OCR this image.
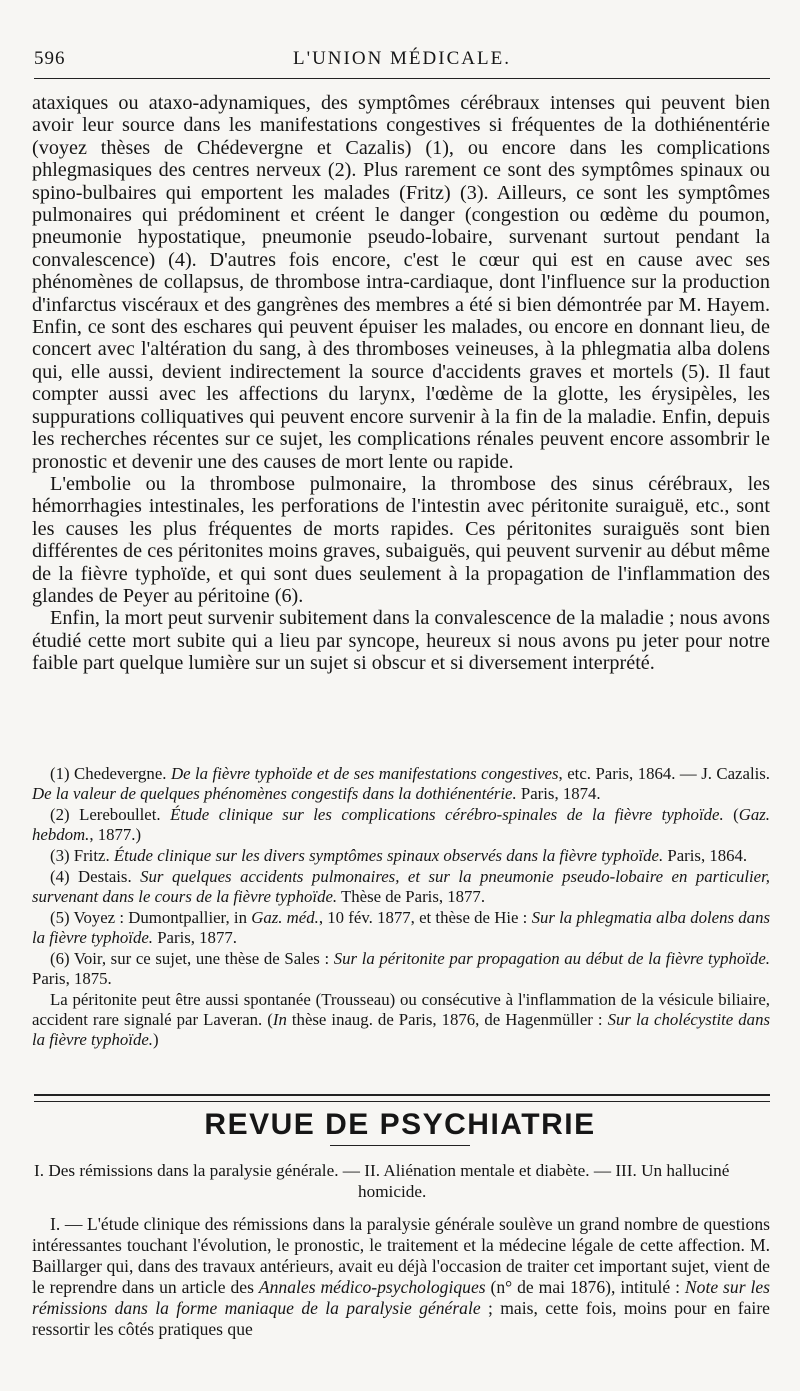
596	L'UNION MÉDICALE.

ataxiques ou ataxo-adynamiques, des symptômes cérébraux intenses qui peuvent bien avoir leur source dans les manifestations congestives si fréquentes de la dothiénentérie (voyez thèses de Chédevergne et Cazalis) (1), ou encore dans les complications phlegmasiques des centres nerveux (2). Plus rarement ce sont des symptômes spinaux ou spino-bulbaires qui emportent les malades (Fritz) (3). Ailleurs, ce sont les symptômes pulmonaires qui prédominent et créent le danger (congestion ou œdème du poumon, pneumonie hypostatique, pneumonie pseudo-lobaire, survenant surtout pendant la convalescence) (4). D'autres fois encore, c'est le cœur qui est en cause avec ses phénomènes de collapsus, de thrombose intra-cardiaque, dont l'influence sur la production d'infarctus viscéraux et des gangrènes des membres a été si bien démontrée par M. Hayem. Enfin, ce sont des eschares qui peuvent épuiser les malades, ou encore en donnant lieu, de concert avec l'altération du sang, à des thromboses veineuses, à la phlegmatia alba dolens qui, elle aussi, devient indirectement la source d'accidents graves et mortels (5). Il faut compter aussi avec les affections du larynx, l'œdème de la glotte, les érysipèles, les suppurations colliquatives qui peuvent encore survenir à la fin de la maladie. Enfin, depuis les recherches récentes sur ce sujet, les complications rénales peuvent encore assombrir le pronostic et devenir une des causes de mort lente ou rapide.

L'embolie ou la thrombose pulmonaire, la thrombose des sinus cérébraux, les hémorrhagies intestinales, les perforations de l'intestin avec péritonite suraiguë, etc., sont les causes les plus fréquentes de morts rapides. Ces péritonites suraiguës sont bien différentes de ces péritonites moins graves, subaiguës, qui peuvent survenir au début même de la fièvre typhoïde, et qui sont dues seulement à la propagation de l'inflammation des glandes de Peyer au péritoine (6).

Enfin, la mort peut survenir subitement dans la convalescence de la maladie ; nous avons étudié cette mort subite qui a lieu par syncope, heureux si nous avons pu jeter pour notre faible part quelque lumière sur un sujet si obscur et si diversement interprété.

(1) Chedevergne. De la fièvre typhoïde et de ses manifestations congestives, etc. Paris, 1864. — J. Cazalis. De la valeur de quelques phénomènes congestifs dans la dothiénentérie. Paris, 1874.

(2) Lereboullet. Étude clinique sur les complications cérébro-spinales de la fièvre typhoïde. (Gaz. hebdom., 1877.)

(3) Fritz. Étude clinique sur les divers symptômes spinaux observés dans la fièvre typhoïde. Paris, 1864.

(4) Destais. Sur quelques accidents pulmonaires, et sur la pneumonie pseudo-lobaire en particulier, survenant dans le cours de la fièvre typhoïde. Thèse de Paris, 1877.

(5) Voyez : Dumontpallier, in Gaz. méd., 10 fév. 1877, et thèse de Hie : Sur la phlegmatia alba dolens dans la fièvre typhoïde. Paris, 1877.

(6) Voir, sur ce sujet, une thèse de Sales : Sur la péritonite par propagation au début de la fièvre typhoïde. Paris, 1875.

La péritonite peut être aussi spontanée (Trousseau) ou consécutive à l'inflammation de la vésicule biliaire, accident rare signalé par Laveran. (In thèse inaug. de Paris, 1876, de Hagenmüller : Sur la cholécystite dans la fièvre typhoïde.)

REVUE DE PSYCHIATRIE
I. Des rémissions dans la paralysie générale. — II. Aliénation mentale et diabète. — III. Un halluciné
homicide.

I. — L'étude clinique des rémissions dans la paralysie générale soulève un grand nombre de questions intéressantes touchant l'évolution, le pronostic, le traitement et la médecine légale de cette affection. M. Baillarger qui, dans des travaux antérieurs, avait eu déjà l'occasion de traiter cet important sujet, vient de le reprendre dans un article des Annales médico-psychologiques (n° de mai 1876), intitulé : Note sur les rémissions dans la forme maniaque de la paralysie générale ; mais, cette fois, moins pour en faire ressortir les côtés pratiques que
